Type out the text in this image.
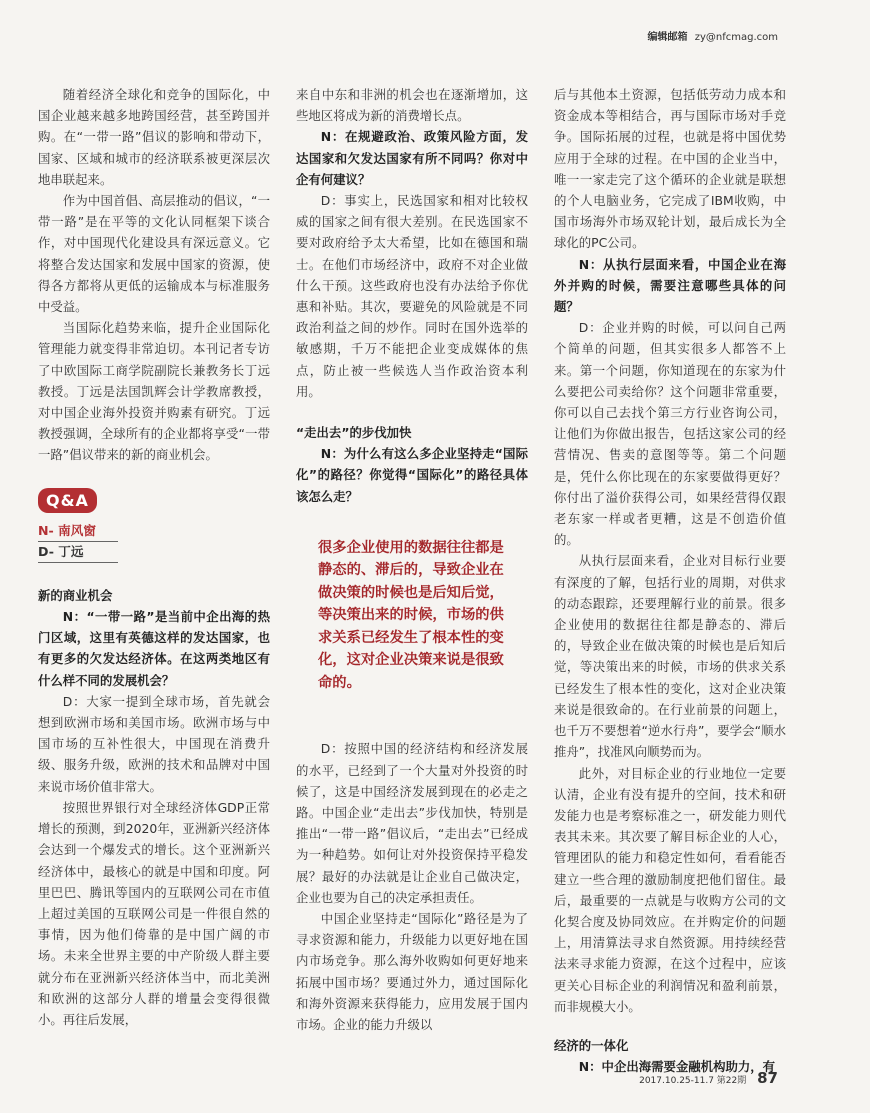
编辑邮箱 zy@nfcmag.com

随着经济全球化和竞争的国际化，中国企业越来越多地跨国经营，甚至跨国并购。在“一带一路”倡议的影响和带动下，国家、区域和城市的经济联系被更深层次地串联起来。

作为中国首倡、高层推动的倡议，“一带一路”是在平等的文化认同框架下谈合作，对中国现代化建设具有深远意义。它将整合发达国家和发展中国家的资源，使得各方都将从更低的运输成本与标准服务中受益。

当国际化趋势来临，提升企业国际化管理能力就变得非常迫切。本刊记者专访了中欧国际工商学院副院长兼教务长丁远教授。丁远是法国凯辉会计学教席教授，对中国企业海外投资并购素有研究。丁远教授强调，全球所有的企业都将享受“一带一路”倡议带来的新的商业机会。

Q&A
N- 南风窗
D- 丁远

新的商业机会

N：“一带一路”是当前中企出海的热门区域，这里有英德这样的发达国家，也有更多的欠发达经济体。在这两类地区有什么样不同的发展机会？

D：大家一提到全球市场，首先就会想到欧洲市场和美国市场。欧洲市场与中国市场的互补性很大，中国现在消费升级、服务升级，欧洲的技术和品牌对中国来说市场价值非常大。

按照世界银行对全球经济体GDP正常增长的预测，到2020年，亚洲新兴经济体会达到一个爆发式的增长。这个亚洲新兴经济体中，最核心的就是中国和印度。阿里巴巴、腾讯等国内的互联网公司在市值上超过美国的互联网公司是一件很自然的事情，因为他们倚靠的是中国广阔的市场。未来全世界主要的中产阶级人群主要就分布在亚洲新兴经济体当中，而北美洲和欧洲的这部分人群的增量会变得很微小。再往后发展，

来自中东和非洲的机会也在逐渐增加，这些地区将成为新的消费增长点。

N：在规避政治、政策风险方面，发达国家和欠发达国家有所不同吗？你对中企有何建议？

D：事实上，民选国家和相对比较权威的国家之间有很大差别。在民选国家不要对政府给予太大希望，比如在德国和瑞士。在他们市场经济中，政府不对企业做什么干预。这些政府也没有办法给予你优惠和补贴。其次，要避免的风险就是不同政治利益之间的炒作。同时在国外选举的敏感期，千万不能把企业变成媒体的焦点，防止被一些候选人当作政治资本利用。

“走出去”的步伐加快

N：为什么有这么多企业坚持走“国际化”的路径？你觉得“国际化”的路径具体该怎么走？

很多企业使用的数据往往都是静态的、滞后的，导致企业在做决策的时候也是后知后觉，等决策出来的时候，市场的供求关系已经发生了根本性的变化，这对企业决策来说是很致命的。

D：按照中国的经济结构和经济发展的水平，已经到了一个大量对外投资的时候了，这是中国经济发展到现在的必走之路。中国企业“走出去”步伐加快，特别是推出“一带一路”倡议后，“走出去”已经成为一种趋势。如何让对外投资保持平稳发展？最好的办法就是让企业自己做决定，企业也要为自己的决定承担责任。

中国企业坚持走“国际化”路径是为了寻求资源和能力，升级能力以更好地在国内市场竞争。那么海外收购如何更好地来拓展中国市场？要通过外力，通过国际化和海外资源来获得能力，应用发展于国内市场。企业的能力升级以

后与其他本土资源，包括低劳动力成本和资金成本等相结合，再与国际市场对手竞争。国际拓展的过程，也就是将中国优势应用于全球的过程。在中国的企业当中，唯一一家走完了这个循环的企业就是联想的个人电脑业务，它完成了IBM收购，中国市场海外市场双轮计划，最后成长为全球化的PC公司。

N：从执行层面来看，中国企业在海外并购的时候，需要注意哪些具体的问题？

D：企业并购的时候，可以问自己两个简单的问题，但其实很多人都答不上来。第一个问题，你知道现在的东家为什么要把公司卖给你？这个问题非常重要，你可以自己去找个第三方行业咨询公司，让他们为你做出报告，包括这家公司的经营情况、售卖的意图等等。第二个问题是，凭什么你比现在的东家要做得更好？你付出了溢价获得公司，如果经营得仅跟老东家一样或者更糟，这是不创造价值的。

从执行层面来看，企业对目标行业要有深度的了解，包括行业的周期，对供求的动态跟踪，还要理解行业的前景。很多企业使用的数据往往都是静态的、滞后的，导致企业在做决策的时候也是后知后觉，等决策出来的时候，市场的供求关系已经发生了根本性的变化，这对企业决策来说是很致命的。在行业前景的问题上，也千万不要想着“逆水行舟”，要学会“顺水推舟”，找准风向顺势而为。

此外，对目标企业的行业地位一定要认清，企业有没有提升的空间，技术和研发能力也是考察标准之一，研发能力则代表其未来。其次要了解目标企业的人心，管理团队的能力和稳定性如何，看看能否建立一些合理的激励制度把他们留住。最后，最重要的一点就是与收购方公司的文化契合度及协同效应。在并购定价的问题上，用清算法寻求自然资源。用持续经营法来寻求能力资源，在这个过程中，应该更关心目标企业的利润情况和盈利前景，而非规模大小。

经济的一体化

N：中企出海需要金融机构助力，有

2017.10.25-11.7 第22期 87
